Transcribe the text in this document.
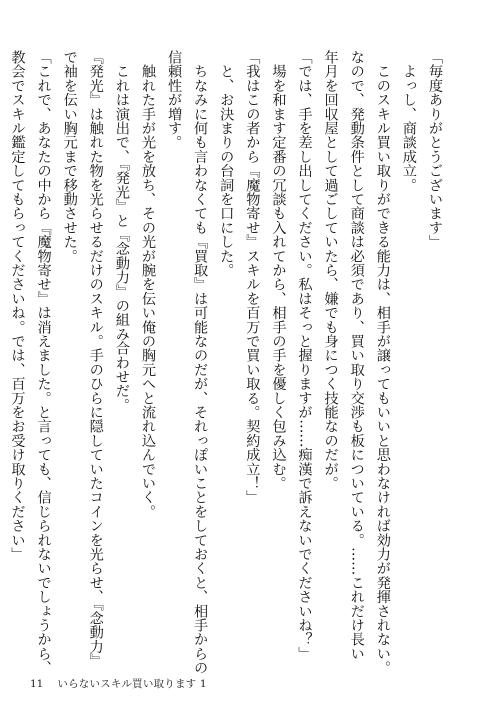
「毎度ありがとうございます」

　よっし、商談成立。

　このスキル買い取りができる能力は、相手が譲ってもいいと思わなければ効力が発揮されない。

なので、発動条件として商談は必須であり、買い取り交渉も板についている。……これだけ長い

年月を回収屋として過ごしていたら、嫌でも身につく技能なのだが。

「では、手を差し出してください。私はそっと握りますが……痴漢で訴えないでくださいね？」

　場を和ます定番の冗談も入れてから、相手の手を優しく包み込む。

「我はこの者から『魔物寄せ』スキルを百万で買い取る。契約成立！」

　と、お決まりの台詞を口にした。

　ちなみに何も言わなくても『買取』は可能なのだが、それっぽいことをしておくと、相手からの

信頼性が増す。

　触れた手が光を放ち、その光が腕を伝い俺の胸元へと流れ込んでいく。

　これは演出で、『発光』と『念動力』の組み合わせだ。

『発光』は触れた物を光らせるだけのスキル。手のひらに隠していたコインを光らせ、『念動力』

で袖を伝い胸元まで移動させた。

「これで、あなたの中から『魔物寄せ』は消えました。と言っても、信じられないでしょうから、

教会でスキル鑑定してもらってくださいね。では、百万をお受け取りください」

11 いらないスキル買い取ります 1
